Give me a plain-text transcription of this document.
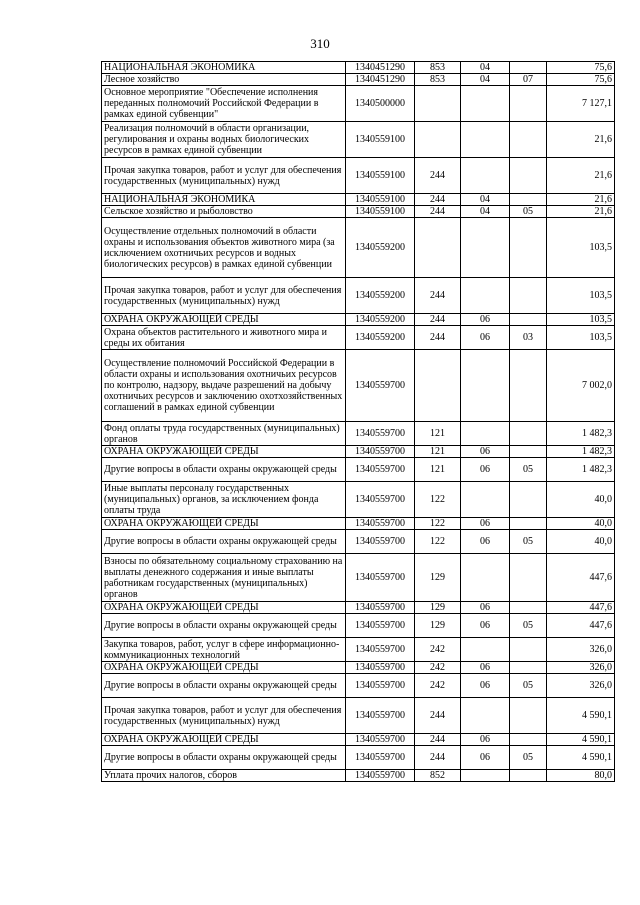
310
НАЦИОНАЛЬНАЯ ЭКОНОМИКА	1340451290	853	04		75,6
Лесное хозяйство	1340451290	853	04	07	75,6
Основное мероприятие "Обеспечение исполнения переданных полномочий Российской Федерации в рамках единой субвенции"	1340500000				7 127,1
Реализация полномочий в области организации, регулирования и охраны водных биологических ресурсов в рамках единой субвенции	1340559100				21,6
Прочая закупка товаров, работ и услуг для обеспечения государственных (муниципальных) нужд	1340559100	244			21,6
НАЦИОНАЛЬНАЯ ЭКОНОМИКА	1340559100	244	04		21,6
Сельское хозяйство и рыболовство	1340559100	244	04	05	21,6
Осуществление отдельных полномочий в области охраны и использования объектов животного мира (за исключением охотничьих ресурсов и водных биологических ресурсов) в рамках единой субвенции	1340559200				103,5
Прочая закупка товаров, работ и услуг для обеспечения государственных (муниципальных) нужд	1340559200	244			103,5
ОХРАНА ОКРУЖАЮЩЕЙ СРЕДЫ	1340559200	244	06		103,5
Охрана объектов растительного и животного мира и среды их обитания	1340559200	244	06	03	103,5
Осуществление полномочий Российской Федерации в области охраны и использования охотничьих ресурсов по контролю, надзору, выдаче разрешений на добычу охотничьих ресурсов и заключению охотхозяйственных соглашений в рамках единой субвенции	1340559700				7 002,0
Фонд оплаты труда государственных (муниципальных) органов	1340559700	121			1 482,3
ОХРАНА ОКРУЖАЮЩЕЙ СРЕДЫ	1340559700	121	06		1 482,3
Другие вопросы в области охраны окружающей среды	1340559700	121	06	05	1 482,3
Иные выплаты персоналу государственных (муниципальных) органов, за исключением фонда оплаты труда	1340559700	122			40,0
ОХРАНА ОКРУЖАЮЩЕЙ СРЕДЫ	1340559700	122	06		40,0
Другие вопросы в области охраны окружающей среды	1340559700	122	06	05	40,0
Взносы по обязательному социальному страхованию на выплаты денежного содержания и иные выплаты работникам государственных (муниципальных) органов	1340559700	129			447,6
ОХРАНА ОКРУЖАЮЩЕЙ СРЕДЫ	1340559700	129	06		447,6
Другие вопросы в области охраны окружающей среды	1340559700	129	06	05	447,6
Закупка товаров, работ, услуг в сфере информационно-коммуникационных технологий	1340559700	242			326,0
ОХРАНА ОКРУЖАЮЩЕЙ СРЕДЫ	1340559700	242	06		326,0
Другие вопросы в области охраны окружающей среды	1340559700	242	06	05	326,0
Прочая закупка товаров, работ и услуг для обеспечения государственных (муниципальных) нужд	1340559700	244			4 590,1
ОХРАНА ОКРУЖАЮЩЕЙ СРЕДЫ	1340559700	244	06		4 590,1
Другие вопросы в области охраны окружающей среды	1340559700	244	06	05	4 590,1
Уплата прочих налогов, сборов	1340559700	852			80,0
